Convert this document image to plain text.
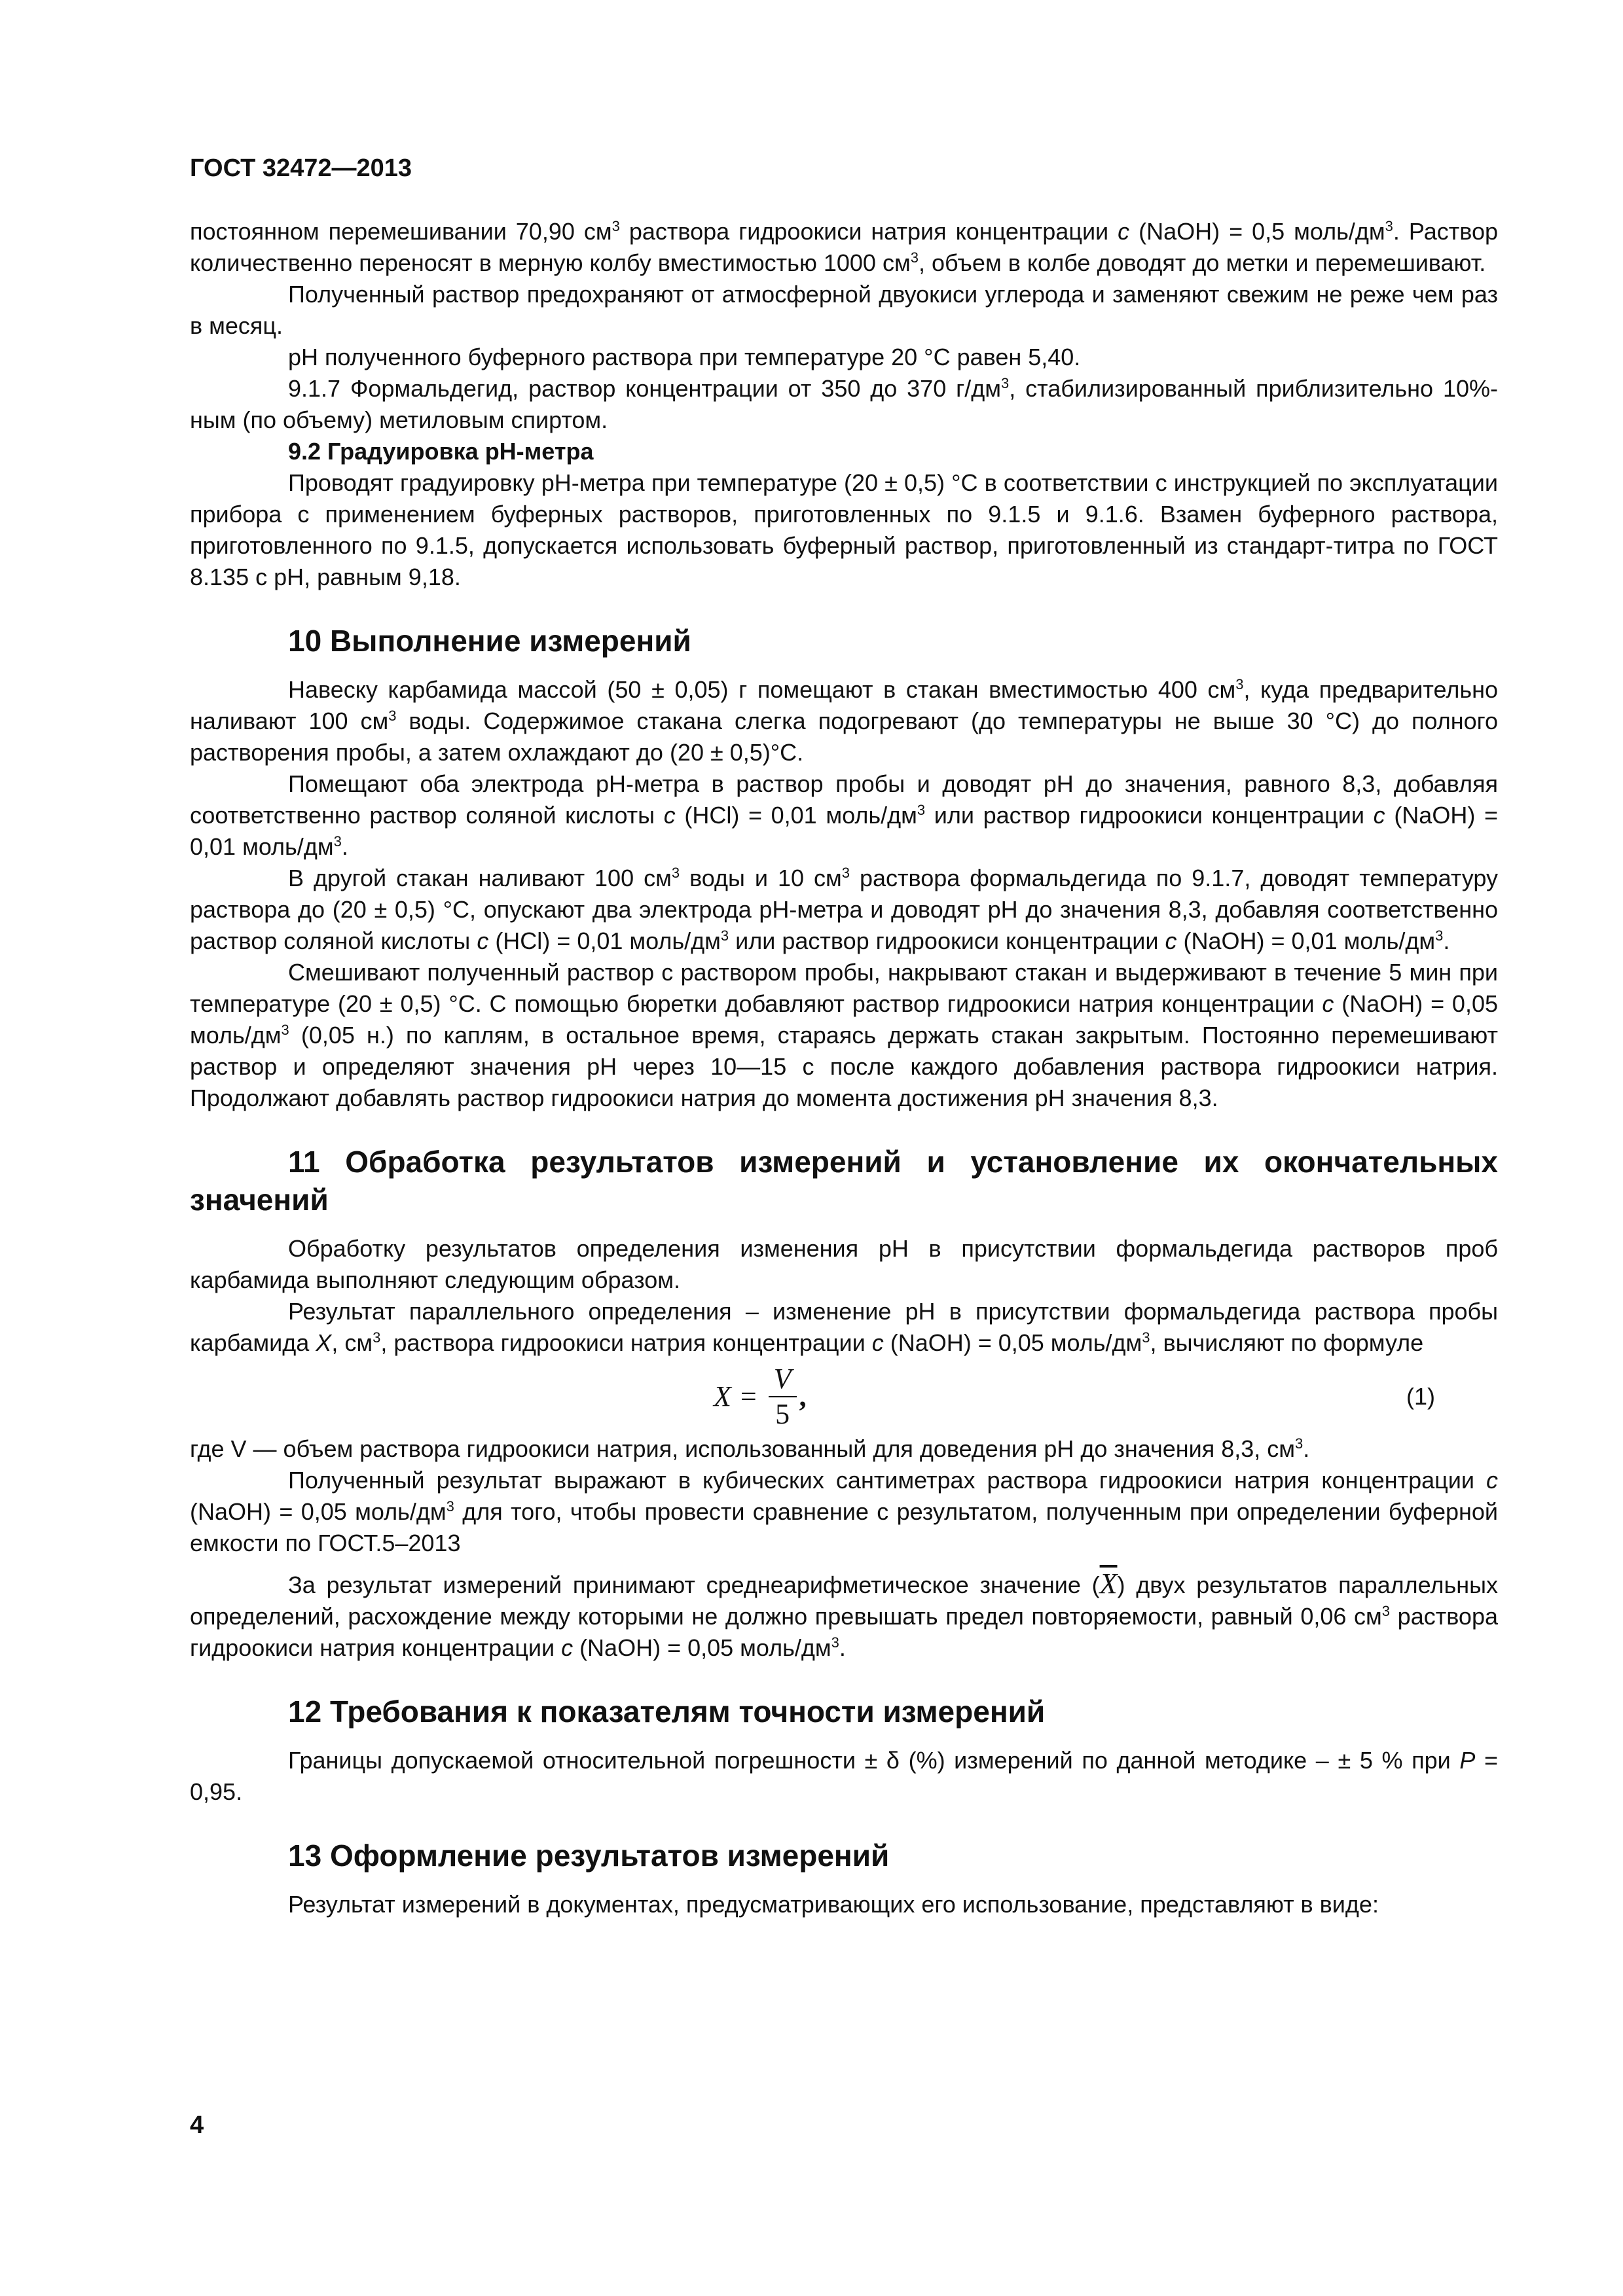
ГОСТ 32472—2013

постоянном перемешивании 70,90 $см^3$ раствора гидроокиси натрия концентрации с (NaOH) = 0,5 моль/$дм^3$. Раствор количественно переносят в мерную колбу вместимостью 1000 $см^3$, объем в колбе доводят до метки и перемешивают.

Полученный раствор предохраняют от атмосферной двуокиси углерода и заменяют свежим не реже чем раз в месяц.

pH полученного буферного раствора при температуре 20 °С равен 5,40.

9.1.7 Формальдегид, раствор концентрации от 350 до 370 $г/дм^3$, стабилизированный приблизительно 10%-ным (по объему) метиловым спиртом.

9.2 Градуировка pH-метра

Проводят градуировку pH-метра при температуре (20 ± 0,5) °С в соответствии с инструкцией по эксплуатации прибора с применением буферных растворов, приготовленных по 9.1.5 и 9.1.6. Взамен буферного раствора, приготовленного по 9.1.5, допускается использовать буферный раствор, приготовленный из стандарт-титра по ГОСТ 8.135 с pH, равным 9,18.

10 Выполнение измерений

Навеску карбамида массой (50 ± 0,05) г помещают в стакан вместимостью 400 $см^3$, куда предварительно наливают 100 $см^3$ воды. Содержимое стакана слегка подогревают (до температуры не выше 30 °С) до полного растворения пробы, а затем охлаждают до (20 ± 0,5)°С.

Помещают оба электрода pH-метра в раствор пробы и доводят pH до значения, равного 8,3, добавляя соответственно раствор соляной кислоты с (HCl) = 0,01 моль/$дм^3$ или раствор гидроокиси концентрации с (NaOH) = 0,01 моль/$дм^3$.

В другой стакан наливают 100 $см^3$ воды и 10 $см^3$ раствора формальдегида по 9.1.7, доводят температуру раствора до (20 ± 0,5) °С, опускают два электрода pH-метра и доводят pH до значения 8,3, добавляя соответственно раствор соляной кислоты с (HCl) = 0,01 моль/$дм^3$ или раствор гидроокиси концентрации с (NaOH) = 0,01 моль/$дм^3$.

Смешивают полученный раствор с раствором пробы, накрывают стакан и выдерживают в течение 5 мин при температуре (20 ± 0,5) °С. С помощью бюретки добавляют раствор гидроокиси натрия концентрации с (NaOH) = 0,05 моль/$дм^3$ (0,05 н.) по каплям, в остальное время, стараясь держать стакан закрытым. Постоянно перемешивают раствор и определяют значения pH через 10—15 с после каждого добавления раствора гидроокиси натрия. Продолжают добавлять раствор гидроокиси натрия до момента достижения pH значения 8,3.

11 Обработка результатов измерений и установление их окончательных значений

Обработку результатов определения изменения pH в присутствии формальдегида растворов проб карбамида выполняют следующим образом.

Результат параллельного определения – изменение pH в присутствии формальдегида раствора пробы карбамида X, $см^3$, раствора гидроокиси натрия концентрации с (NaOH) = 0,05 моль/$дм^3$, вычисляют по формуле

$X = \frac{V}{5}$ ,	(1)

где V — объем раствора гидроокиси натрия, использованный для доведения pH до значения 8,3, $см^3$.

Полученный результат выражают в кубических сантиметрах раствора гидроокиси натрия концентрации с (NaOH) = 0,05 моль/$дм^3$ для того, чтобы провести сравнение с результатом, полученным при определении буферной емкости по ГОСТ.5–2013

За результат измерений принимают среднеарифметическое значение $(\overline{X})$ двух результатов параллельных определений, расхождение между которыми не должно превышать предел повторяемости, равный 0,06 $см^3$ раствора гидроокиси натрия концентрации с (NaOH) = 0,05 моль/$дм^3$.

12 Требования к показателям точности измерений

Границы допускаемой относительной погрешности ± δ (%) измерений по данной методике – ± 5 % при Р = 0,95.

13 Оформление результатов измерений

Результат измерений в документах, предусматривающих его использование, представляют в виде:

4
